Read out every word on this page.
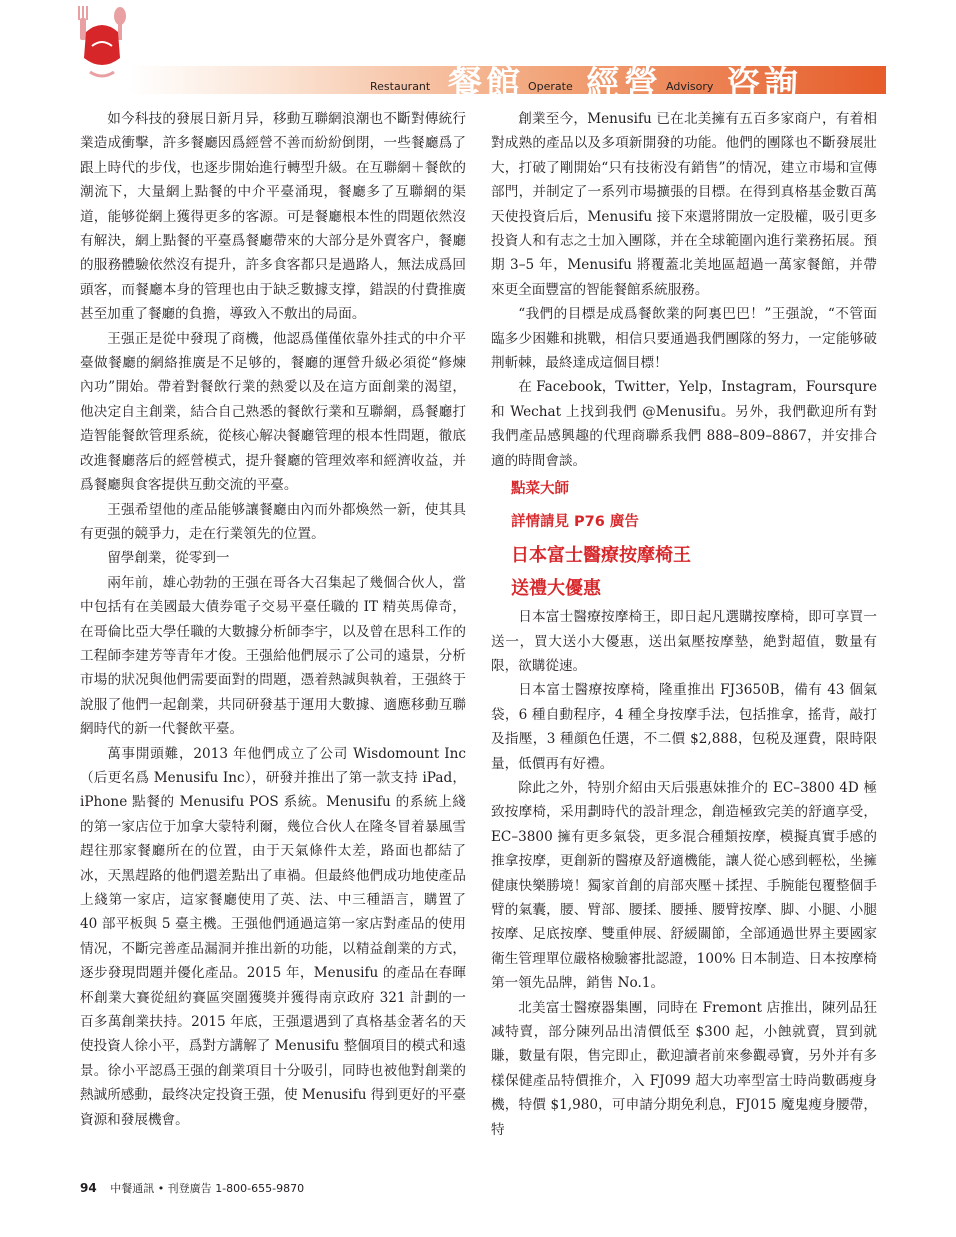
Restaurant 餐館 Operate 經營 Advisory 咨詢

如今科技的發展日新月异，移動互聯網浪潮也不斷對傳統行業造成衝擊，許多餐廳因爲經營不善而紛紛倒閉，一些餐廳爲了跟上時代的步伐，也逐步開始進行轉型升級。在互聯網＋餐飲的潮流下，大量網上點餐的中介平臺涌現，餐廳多了互聯網的渠道，能够從網上獲得更多的客源。可是餐廳根本性的問題依然沒有解決，網上點餐的平臺爲餐廳帶來的大部分是外賣客户，餐廳的服務體驗依然沒有提升，許多食客都只是過路人，無法成爲回頭客，而餐廳本身的管理也由于缺乏數據支撑，錯誤的付費推廣甚至加重了餐廳的負擔，導致入不敷出的局面。

王强正是從中發現了商機，他認爲僅僅依靠外挂式的中介平臺做餐廳的網絡推廣是不足够的，餐廳的運營升級必須從“修煉內功”開始。帶着對餐飲行業的熱愛以及在這方面創業的渴望，他决定自主創業，結合自己熟悉的餐飲行業和互聯網，爲餐廳打造智能餐飲管理系統，從核心解决餐廳管理的根本性問題，徹底改進餐廳落后的經營模式，提升餐廳的管理效率和經濟收益，并爲餐廳與食客提供互動交流的平臺。

王强希望他的產品能够讓餐廳由內而外都煥然一新，使其具有更强的競爭力，走在行業領先的位置。

留學創業，從零到一

兩年前，雄心勃勃的王强在哥各大召集起了幾個合伙人，當中包括有在美國最大債券電子交易平臺任職的 IT 精英馬偉奇，在哥倫比亞大學任職的大數據分析師李宇，以及曾在思科工作的工程師李建芳等青年才俊。王强給他們展示了公司的遠景，分析市場的狀况與他們需要面對的問題，憑着熱誠與執着，王强終于說服了他們一起創業，共同研發基于運用大數據、適應移動互聯網時代的新一代餐飲平臺。

萬事開頭難，2013 年他們成立了公司 Wisdomount Inc（后更名爲 Menusifu Inc），研發并推出了第一款支持 iPad，iPhone 點餐的 Menusifu POS 系統。Menusifu 的系統上綫的第一家店位于加拿大蒙特利爾，幾位合伙人在隆冬冒着暴風雪趕往那家餐廳所在的位置，由于天氣條件太差，路面也都結了冰，天黑趕路的他們還差點出了車禍。但最終他們成功地使產品上綫第一家店，這家餐廳使用了英、法、中三種語言，購置了 40 部平板與 5 臺主機。王强他們通過這第一家店對產品的使用情况，不斷完善產品漏洞并推出新的功能，以精益創業的方式，逐步發現問題并優化產品。2015 年，Menusifu 的產品在春暉杯創業大賽從紐約賽區突圍獲獎并獲得南京政府 321 計劃的一百多萬創業扶持。2015 年底，王强還遇到了真格基金著名的天使投資人徐小平，爲對方講解了 Menusifu 整個項目的模式和遠景。徐小平認爲王强的創業項目十分吸引，同時也被他對創業的熱誠所感動，最终决定投資王强，使 Menusifu 得到更好的平臺資源和發展機會。

創業至今，Menusifu 已在北美擁有五百多家商户，有着相對成熟的產品以及多項新開發的功能。他們的團隊也不斷發展壯大，打破了剛開始“只有技術没有銷售”的情况，建立市場和宣傳部門，并制定了一系列市場擴張的目標。在得到真格基金數百萬天使投資后后，Menusifu 接下來還將開放一定股權，吸引更多投資人和有志之士加入團隊，并在全球範圍內進行業務拓展。預期 3–5 年，Menusifu 將覆蓋北美地區超過一萬家餐館，并帶來更全面豐富的智能餐館系統服務。

“我們的目標是成爲餐飲業的阿裏巴巴！”王强說，“不管面臨多少困難和挑戰，相信只要通過我們團隊的努力，一定能够破荆斬棘，最終達成這個目標！

在 Facebook，Twitter，Yelp，Instagram，Foursqure 和 Wechat 上找到我們 @Menusifu。另外，我們歡迎所有對我們產品感興趣的代理商聯系我們 888–809–8867，并安排合適的時間會談。

點菜大師

詳情請見 P76 廣告

日本富士醫療按摩椅王

送禮大優惠

日本富士醫療按摩椅王，即日起凡選購按摩椅，即可享買一送一，買大送小大優惠，送出氣壓按摩墊，絶對超值，數量有限，欲購從速。

日本富士醫療按摩椅，隆重推出 FJ3650B，備有 43 個氣袋，6 種自動程序，4 種全身按摩手法，包括推拿，搖背，敲打及指壓，3 種顔色任選，不二價 $2,888，包税及運費，限時限量，低價再有好禮。

除此之外，特别介紹由天后張惠妹推介的 EC–3800 4D 極致按摩椅，采用劃時代的設計理念，創造極致完美的舒適享受，EC–3800 擁有更多氣袋，更多混合種類按摩，模擬真實手感的推拿按摩，更創新的醫療及舒適機能，讓人從心感到輕松，坐擁健康快樂勝境！獨家首創的肩部夾壓＋揉捏、手腕能包覆整個手臂的氣囊，腰、臂部、腰揉、腰捶、腰臂按摩、脚、小腿、小腿按摩、足底按摩、雙重伸展、舒緩關節，全部通過世界主要國家衛生管理單位嚴格檢驗審批認證，100% 日本制造、日本按摩椅第一領先品牌，銷售 No.1。

北美富士醫療器集團，同時在 Fremont 店推出，陳列品狂减特賣，部分陳列品出清價低至 $300 起，小蝕就賣，買到就賺，數量有限，售完即止，歡迎讀者前來參觀尋寶，另外并有多樣保健產品特價推介，入 FJ099 超大功率型富士時尚數碼瘦身機，特價 $1,980，可申請分期免利息，FJ015 魔鬼瘦身腰帶，特

94 中餐通訊 • 刊登廣告 1-800-655-9870
